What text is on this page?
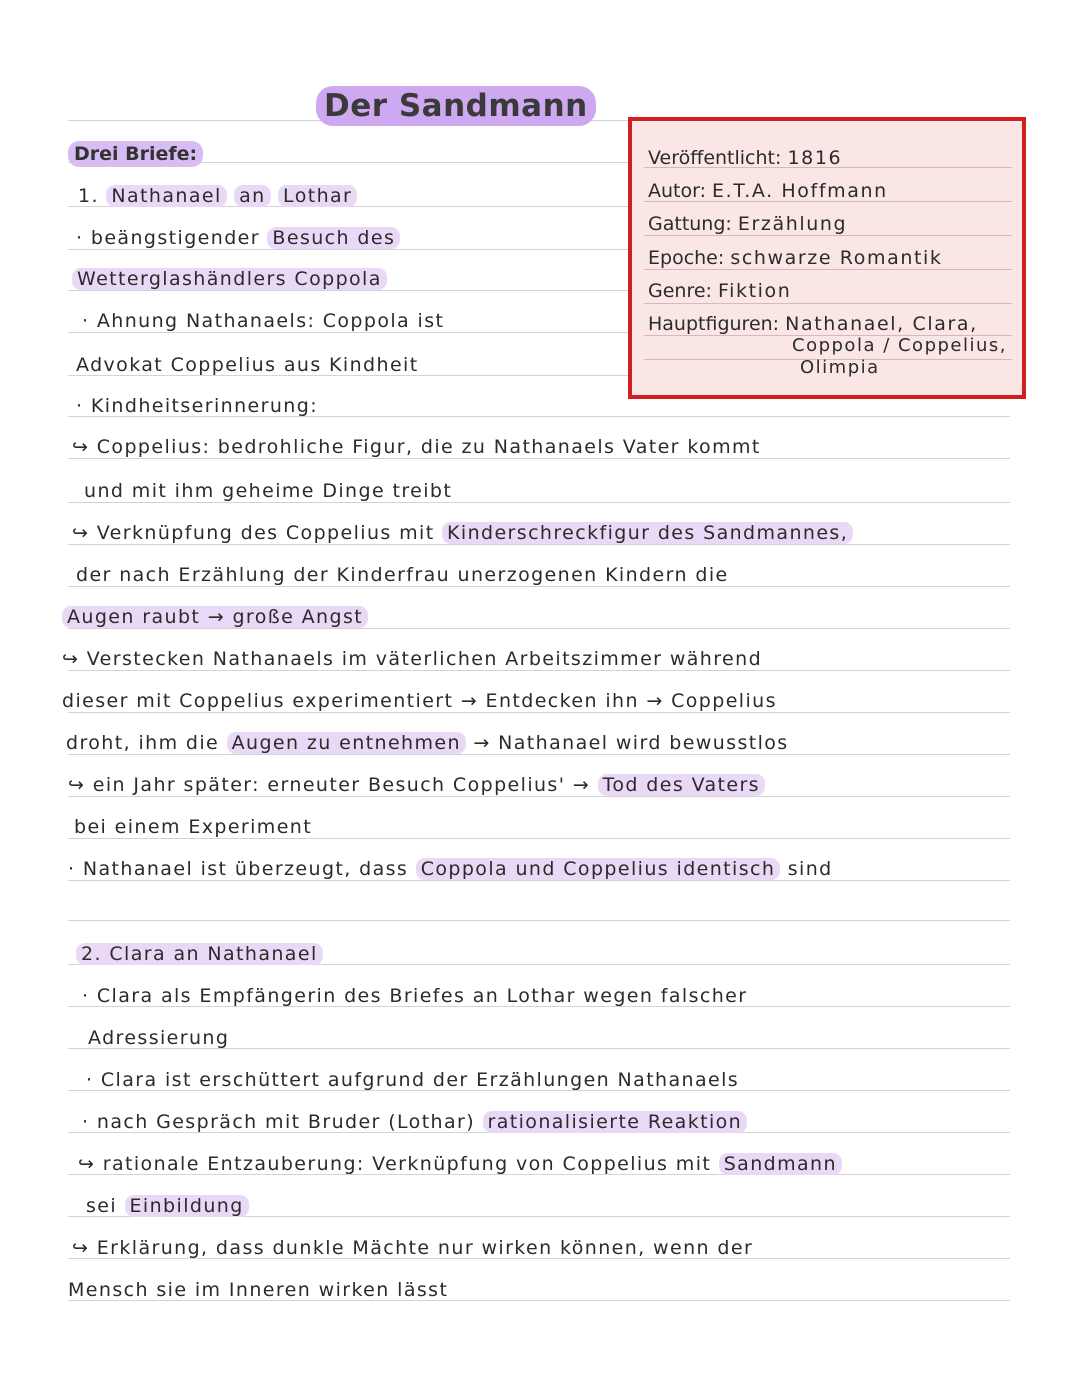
Der Sandmann
Drei Briefe:	Veröffentlicht: 1816
Autor: E.T.A. Hoffmann
Gattung: Erzählung
Epoche: schwarze Romantik
Genre: Fiktion
Hauptfiguren: Nathanael, Clara,
Coppola / Coppelius,
Olimpia
1. Nathanael an Lothar
· beängstigender Besuch des
Wetterglashändlers Coppola
· Ahnung Nathanaels: Coppola ist
Advokat Coppelius aus Kindheit
· Kindheitserinnerung:
↪ Coppelius: bedrohliche Figur, die zu Nathanaels Vater kommt
und mit ihm geheime Dinge treibt
↪ Verknüpfung des Coppelius mit Kinderschreckfigur des Sandmannes,
der nach Erzählung der Kinderfrau unerzogenen Kindern die
Augen raubt → große Angst
↪ Verstecken Nathanaels im väterlichen Arbeitszimmer während
dieser mit Coppelius experimentiert → Entdecken ihn → Coppelius
droht, ihm die Augen zu entnehmen → Nathanael wird bewusstlos
↪ ein Jahr später: erneuter Besuch Coppelius' → Tod des Vaters
bei einem Experiment
· Nathanael ist überzeugt, dass Coppola und Coppelius identisch sind
2. Clara an Nathanael
· Clara als Empfängerin des Briefes an Lothar wegen falscher
Adressierung
· Clara ist erschüttert aufgrund der Erzählungen Nathanaels
· nach Gespräch mit Bruder (Lothar) rationalisierte Reaktion
↪ rationale Entzauberung: Verknüpfung von Coppelius mit Sandmann
sei Einbildung
↪ Erklärung, dass dunkle Mächte nur wirken können, wenn der
Mensch sie im Inneren wirken lässt
